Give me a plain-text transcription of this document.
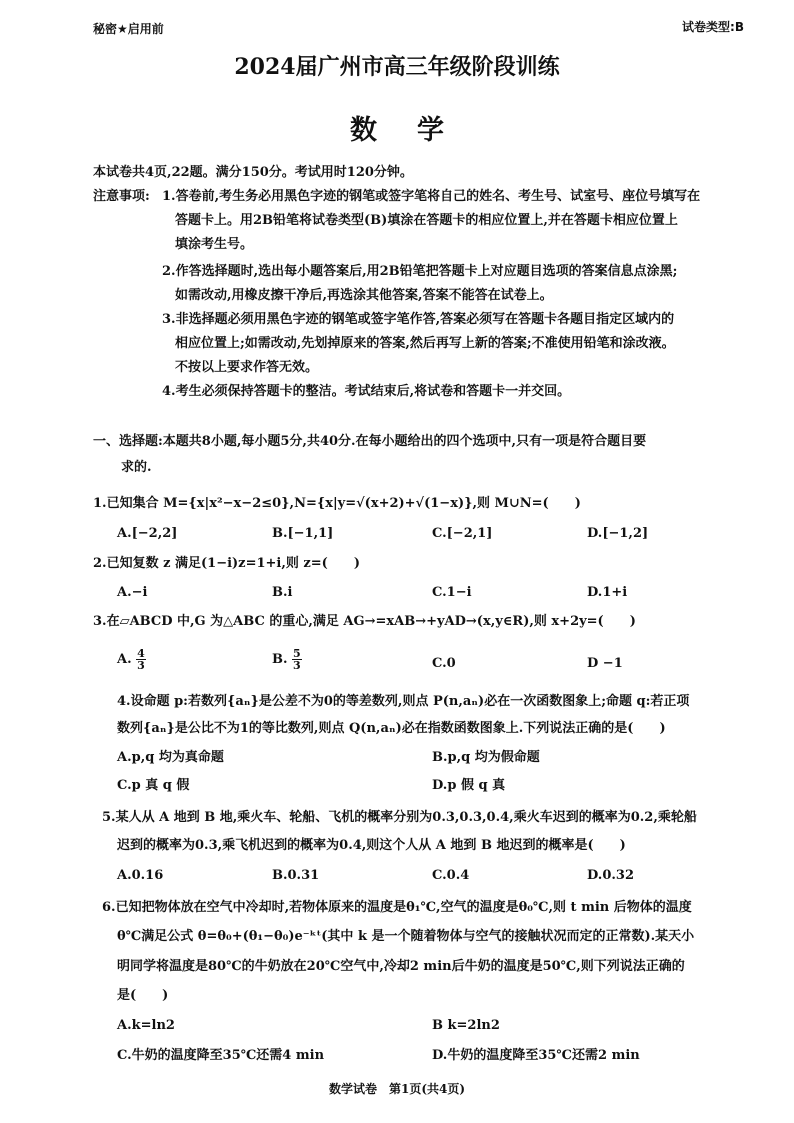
秘密★启用前	试卷类型:B
2024届广州市高三年级阶段训练
数学
本试卷共4页,22题。满分150分。考试用时120分钟。
注意事项: 1.答卷前,考生务必用黑色字迹的钢笔或签字笔将自己的姓名、考生号、试室号、座位号填写在
答题卡上。用2B铅笔将试卷类型(B)填涂在答题卡的相应位置上,并在答题卡相应位置上
填涂考生号。
2.作答选择题时,选出每小题答案后,用2B铅笔把答题卡上对应题目选项的答案信息点涂黑;
如需改动,用橡皮擦干净后,再选涂其他答案,答案不能答在试卷上。
3.非选择题必须用黑色字迹的钢笔或签字笔作答,答案必须写在答题卡各题目指定区域内的
相应位置上;如需改动,先划掉原来的答案,然后再写上新的答案;不准使用铅笔和涂改液。
不按以上要求作答无效。
4.考生必须保持答题卡的整洁。考试结束后,将试卷和答题卡一并交回。
一、选择题:本题共8小题,每小题5分,共40分.在每小题给出的四个选项中,只有一项是符合题目要
求的.
1.已知集合 M={x|x²−x−2≤0},N={x|y=√(x+2)+√(1−x)},则 M∪N=(　　)
A.[−2,2]	B.[−1,1]	C.[−2,1]	D.[−1,2]
2.已知复数 z 满足(1−i)z=1+i,则 z=(　　)
A.−i	B.i	C.1−i	D.1+i
3.在▱ABCD 中,G 为△ABC 的重心,满足 AG→=xAB→+yAD→(x,y∈R),则 x+2y=(　　)
A. $\frac{4}{3}$	B. $\frac{5}{3}$	C.0	D −1
4.设命题 p:若数列{aₙ}是公差不为0的等差数列,则点 P(n,aₙ)必在一次函数图象上;命题 q:若正项
数列{aₙ}是公比不为1的等比数列,则点 Q(n,aₙ)必在指数函数图象上.下列说法正确的是(　　)
A.p,q 均为真命题	B.p,q 均为假命题
C.p 真 q 假	D.p 假 q 真
5.某人从 A 地到 B 地,乘火车、轮船、飞机的概率分别为0.3,0.3,0.4,乘火车迟到的概率为0.2,乘轮船
迟到的概率为0.3,乘飞机迟到的概率为0.4,则这个人从 A 地到 B 地迟到的概率是(　　)
A.0.16	B.0.31	C.0.4	D.0.32
6.已知把物体放在空气中冷却时,若物体原来的温度是θ₁℃,空气的温度是θ₀℃,则 t min 后物体的温度
θ℃满足公式 θ=θ₀+(θ₁−θ₀)e⁻ᵏᵗ(其中 k 是一个随着物体与空气的接触状况而定的正常数).某天小
明同学将温度是80℃的牛奶放在20℃空气中,冷却2 min后牛奶的温度是50℃,则下列说法正确的
是(　　)
A.k=ln2	B k=2ln2
C.牛奶的温度降至35℃还需4 min	D.牛奶的温度降至35℃还需2 min
数学试卷　第1页(共4页)
